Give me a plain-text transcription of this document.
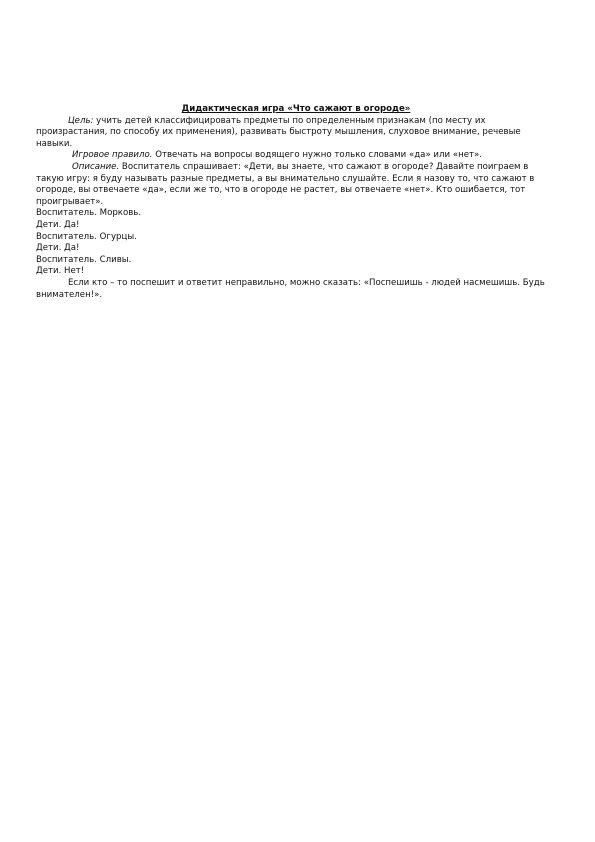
Дидактическая игра «Что сажают в огороде»

Цель: учить детей классифицировать предметы по определенным признакам (по месту их произрастания, по способу их применения), развивать быстроту мышления, слуховое внимание, речевые навыки.

Игровое правило. Отвечать на вопросы водящего нужно только словами «да» или «нет».

Описание. Воспитатель спрашивает: «Дети, вы знаете, что сажают в огороде? Давайте поиграем в такую игру: я буду называть разные предметы, а вы внимательно слушайте. Если я назову то, что сажают в огороде, вы отвечаете «да», если же то, что в огороде не растет, вы отвечаете «нет». Кто ошибается, тот проигрывает».

Воспитатель. Морковь.

Дети. Да!

Воспитатель. Огурцы.

Дети. Да!

Воспитатель. Сливы.

Дети. Нет!

Если кто – то поспешит и ответит неправильно, можно сказать: «Поспешишь - людей насмешишь. Будь внимателен!».
